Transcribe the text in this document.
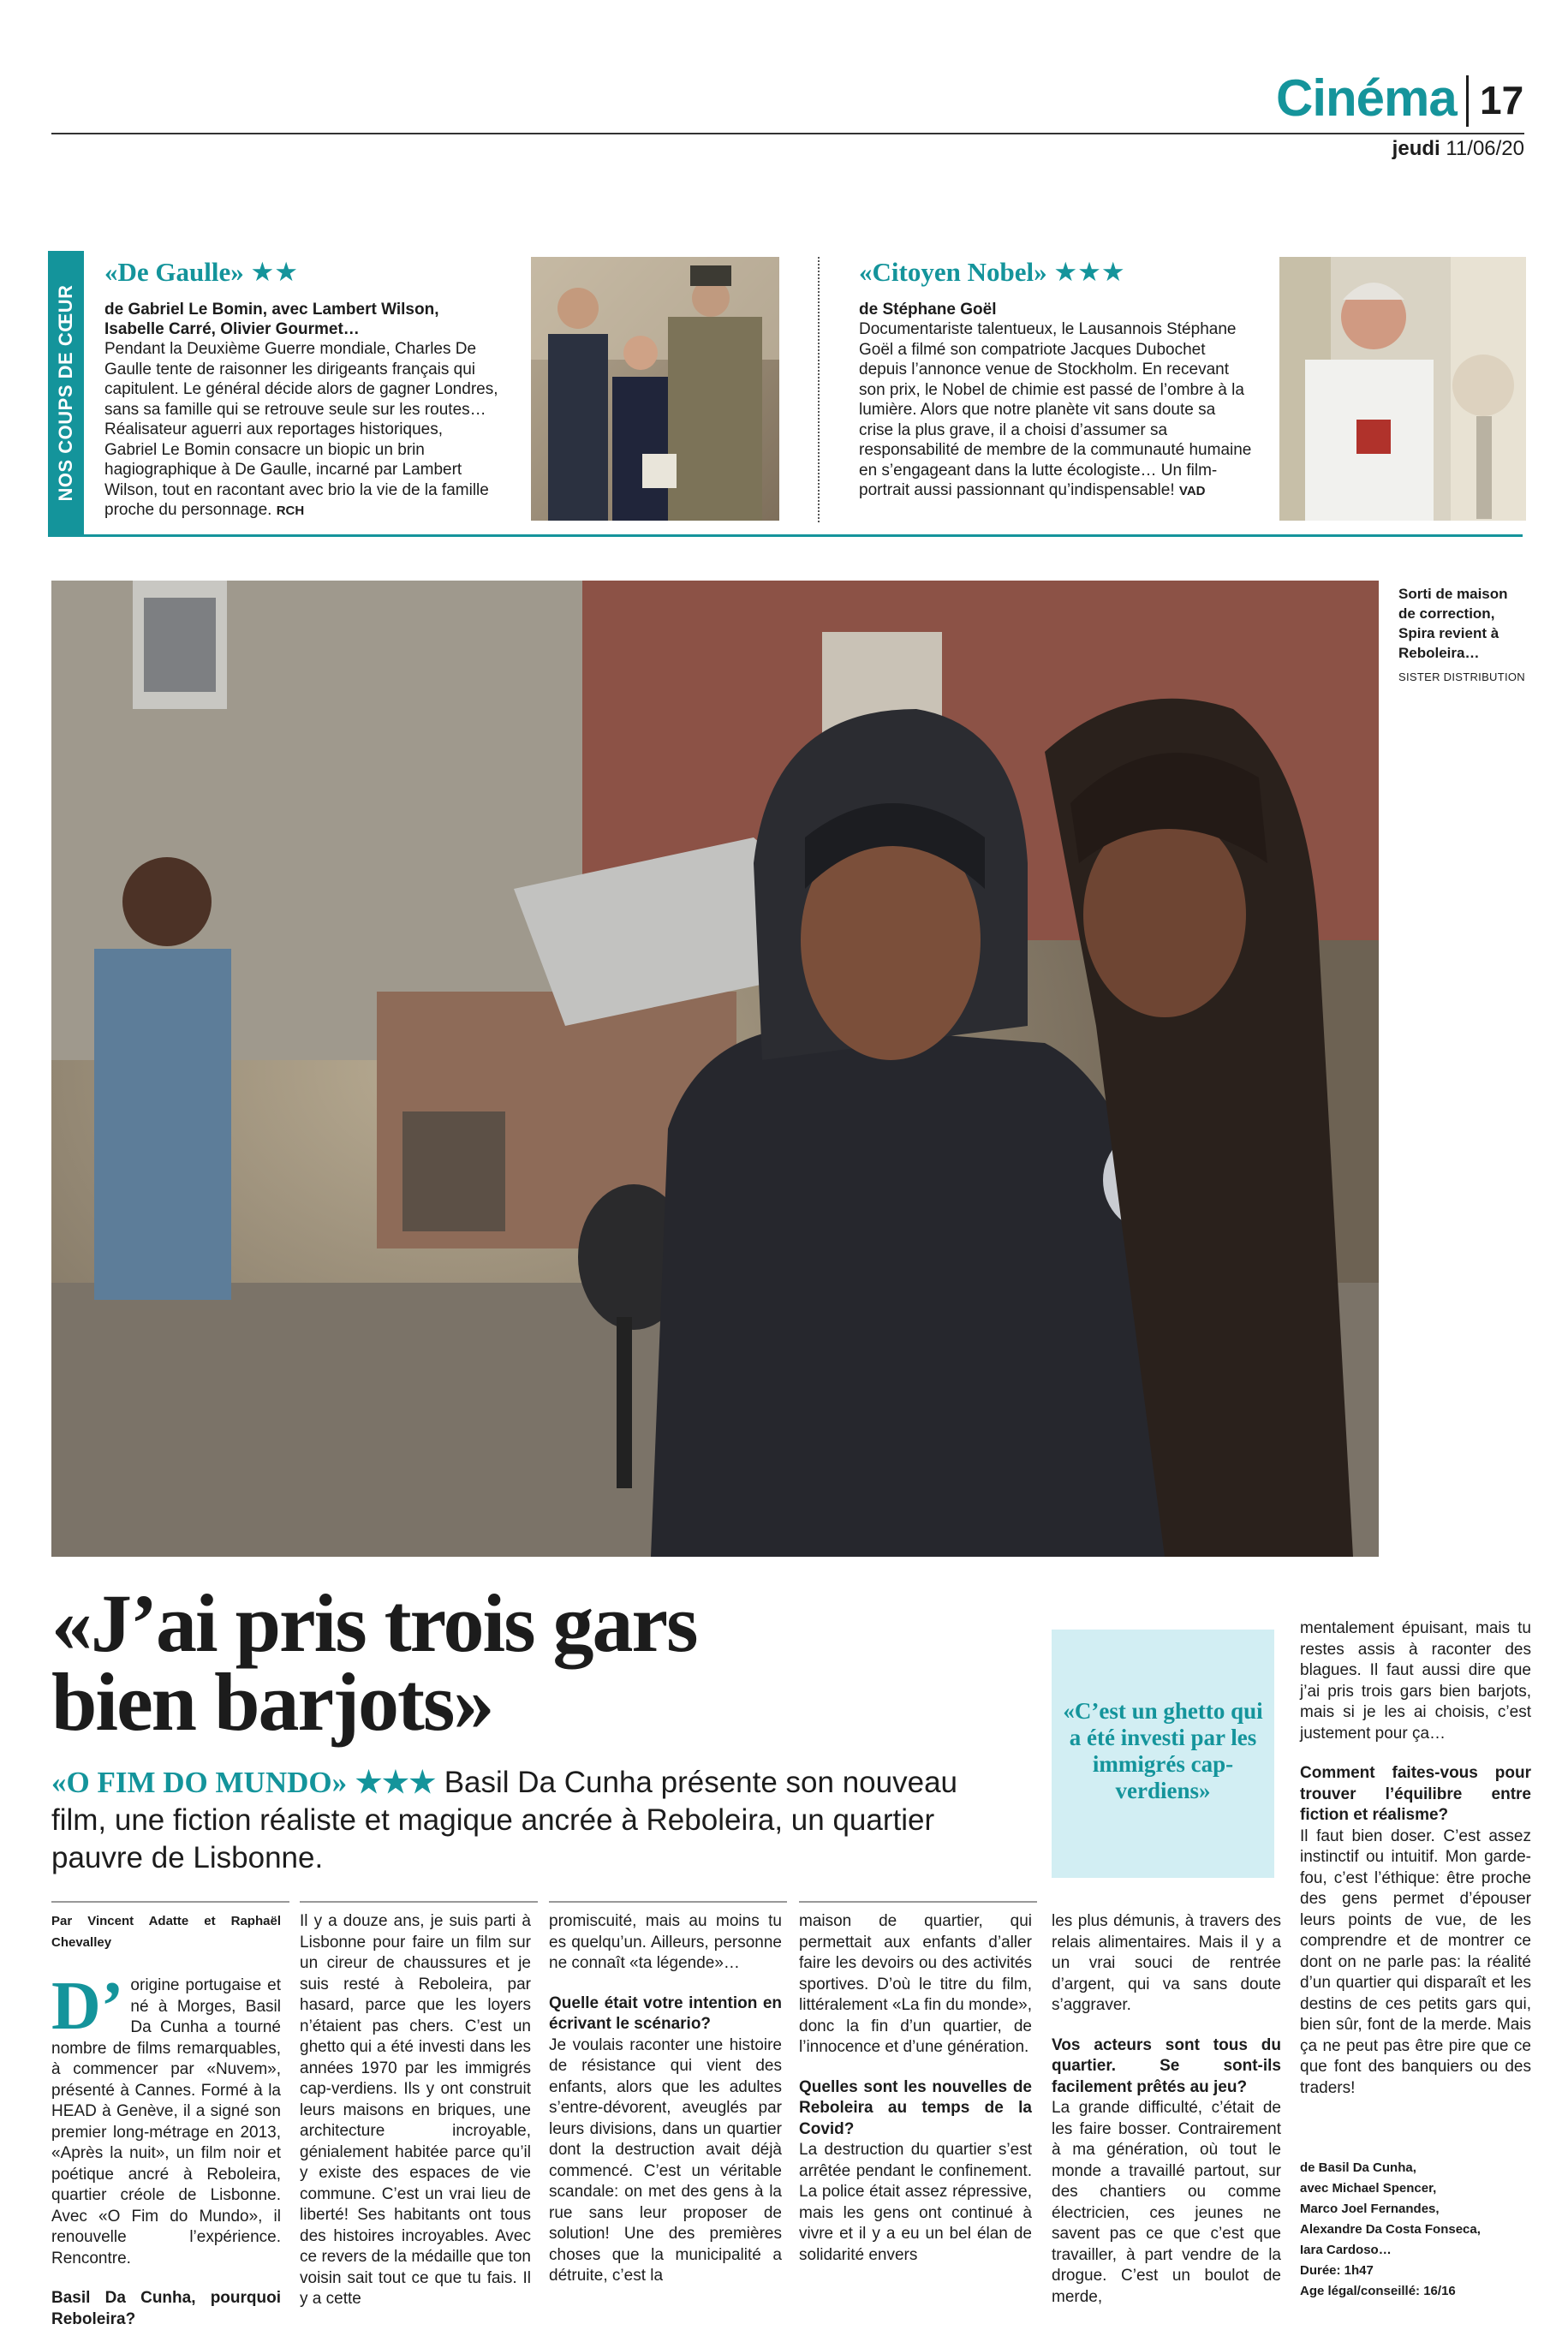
Cinéma 17
jeudi 11/06/20
NOS COUPS DE CŒUR
«De Gaulle» ★★
de Gabriel Le Bomin, avec Lambert Wilson, Isabelle Carré, Olivier Gourmet…
Pendant la Deuxième Guerre mondiale, Charles De Gaulle tente de raisonner les dirigeants français qui capitulent. Le général décide alors de gagner Londres, sans sa famille qui se retrouve seule sur les routes… Réalisateur aguerri aux reportages historiques, Gabriel Le Bomin consacre un biopic un brin hagiographique à De Gaulle, incarné par Lambert Wilson, tout en racontant avec brio la vie de la famille proche du personnage. RCH
«Citoyen Nobel» ★★★
de Stéphane Goël
Documentariste talentueux, le Lausannois Stéphane Goël a filmé son compatriote Jacques Dubochet depuis l’annonce venue de Stockholm. En recevant son prix, le Nobel de chimie est passé de l’ombre à la lumière. Alors que notre planète vit sans doute sa crise la plus grave, il a choisi d’assumer sa responsabilité de membre de la communauté humaine en s’engageant dans la lutte écologiste… Un film-portrait aussi passionnant qu’indispensable! VAD
Sorti de maison de correction, Spira revient à Reboleira…
SISTER DISTRIBUTION
«J’ai pris trois gars
bien barjots»
«O FIM DO MUNDO» ★★★ Basil Da Cunha présente son nouveau film, une fiction réaliste et magique ancrée à Reboleira, un quartier pauvre de Lisbonne.
«C’est un ghetto qui a été investi par les immigrés cap-verdiens»

Par Vincent Adatte et Raphaël Chevalley

D’ origine portugaise et né à Morges, Basil Da Cunha a tourné nombre de films remarquables, à commencer par «Nuvem», présenté à Cannes. Formé à la HEAD à Genève, il a signé son premier long-métrage en 2013, «Après la nuit», un film noir et poétique ancré à Reboleira, quartier créole de Lisbonne. Avec «O Fim do Mundo», il renouvelle l’expérience. Rencontre.

Basil Da Cunha, pourquoi Reboleira?

Il y a douze ans, je suis parti à Lisbonne pour faire un film sur un cireur de chaussures et je suis resté à Reboleira, par hasard, parce que les loyers n’étaient pas chers. C’est un ghetto qui a été investi dans les années 1970 par les immigrés cap-verdiens. Ils y ont construit leurs maisons en briques, une architecture incroyable, génialement habitée parce qu’il y existe des espaces de vie commune. C’est un vrai lieu de liberté! Ses habitants ont tous des histoires incroyables. Avec ce revers de la médaille que ton voisin sait tout ce que tu fais. Il y a cette

promiscuité, mais au moins tu es quelqu’un. Ailleurs, personne ne connaît «ta légende»…

Quelle était votre intention en écrivant le scénario?

Je voulais raconter une histoire de résistance qui vient des enfants, alors que les adultes s’entre-dévorent, aveuglés par leurs divisions, dans un quartier dont la destruction avait déjà commencé. C’est un véritable scandale: on met des gens à la rue sans leur proposer de solution! Une des premières choses que la municipalité a détruite, c’est la

maison de quartier, qui permettait aux enfants d’aller faire les devoirs ou des activités sportives. D’où le titre du film, littéralement «La fin du monde», donc la fin d’un quartier, de l’innocence et d’une génération.

Quelles sont les nouvelles de Reboleira au temps de la Covid?

La destruction du quartier s’est arrêtée pendant le confinement. La police était assez répressive, mais les gens ont continué à vivre et il y a eu un bel élan de solidarité envers

les plus démunis, à travers des relais alimentaires. Mais il y a un vrai souci de rentrée d’argent, qui va sans doute s’aggraver.

Vos acteurs sont tous du quartier. Se sont-ils facilement prêtés au jeu?

La grande difficulté, c’était de les faire bosser. Contrairement à ma génération, où tout le monde a travaillé partout, sur des chantiers ou comme électricien, ces jeunes ne savent pas ce que c’est que travailler, à part vendre de la drogue. C’est un boulot de merde,

mentalement épuisant, mais tu restes assis à raconter des blagues. Il faut aussi dire que j’ai pris trois gars bien barjots, mais si je les ai choisis, c’est justement pour ça…

Comment faites-vous pour trouver l’équilibre entre fiction et réalisme?

Il faut bien doser. C’est assez instinctif ou intuitif. Mon garde-fou, c’est l’éthique: être proche des gens permet d’épouser leurs points de vue, de les comprendre et de montrer ce dont on ne parle pas: la réalité d’un quartier qui disparaît et les destins de ces petits gars qui, bien sûr, font de la merde. Mais ça ne peut pas être pire que ce que font des banquiers ou des traders!

de Basil Da Cunha,
avec Michael Spencer,
Marco Joel Fernandes,
Alexandre Da Costa Fonseca,
Iara Cardoso…
Durée: 1h47
Age légal/conseillé: 16/16
